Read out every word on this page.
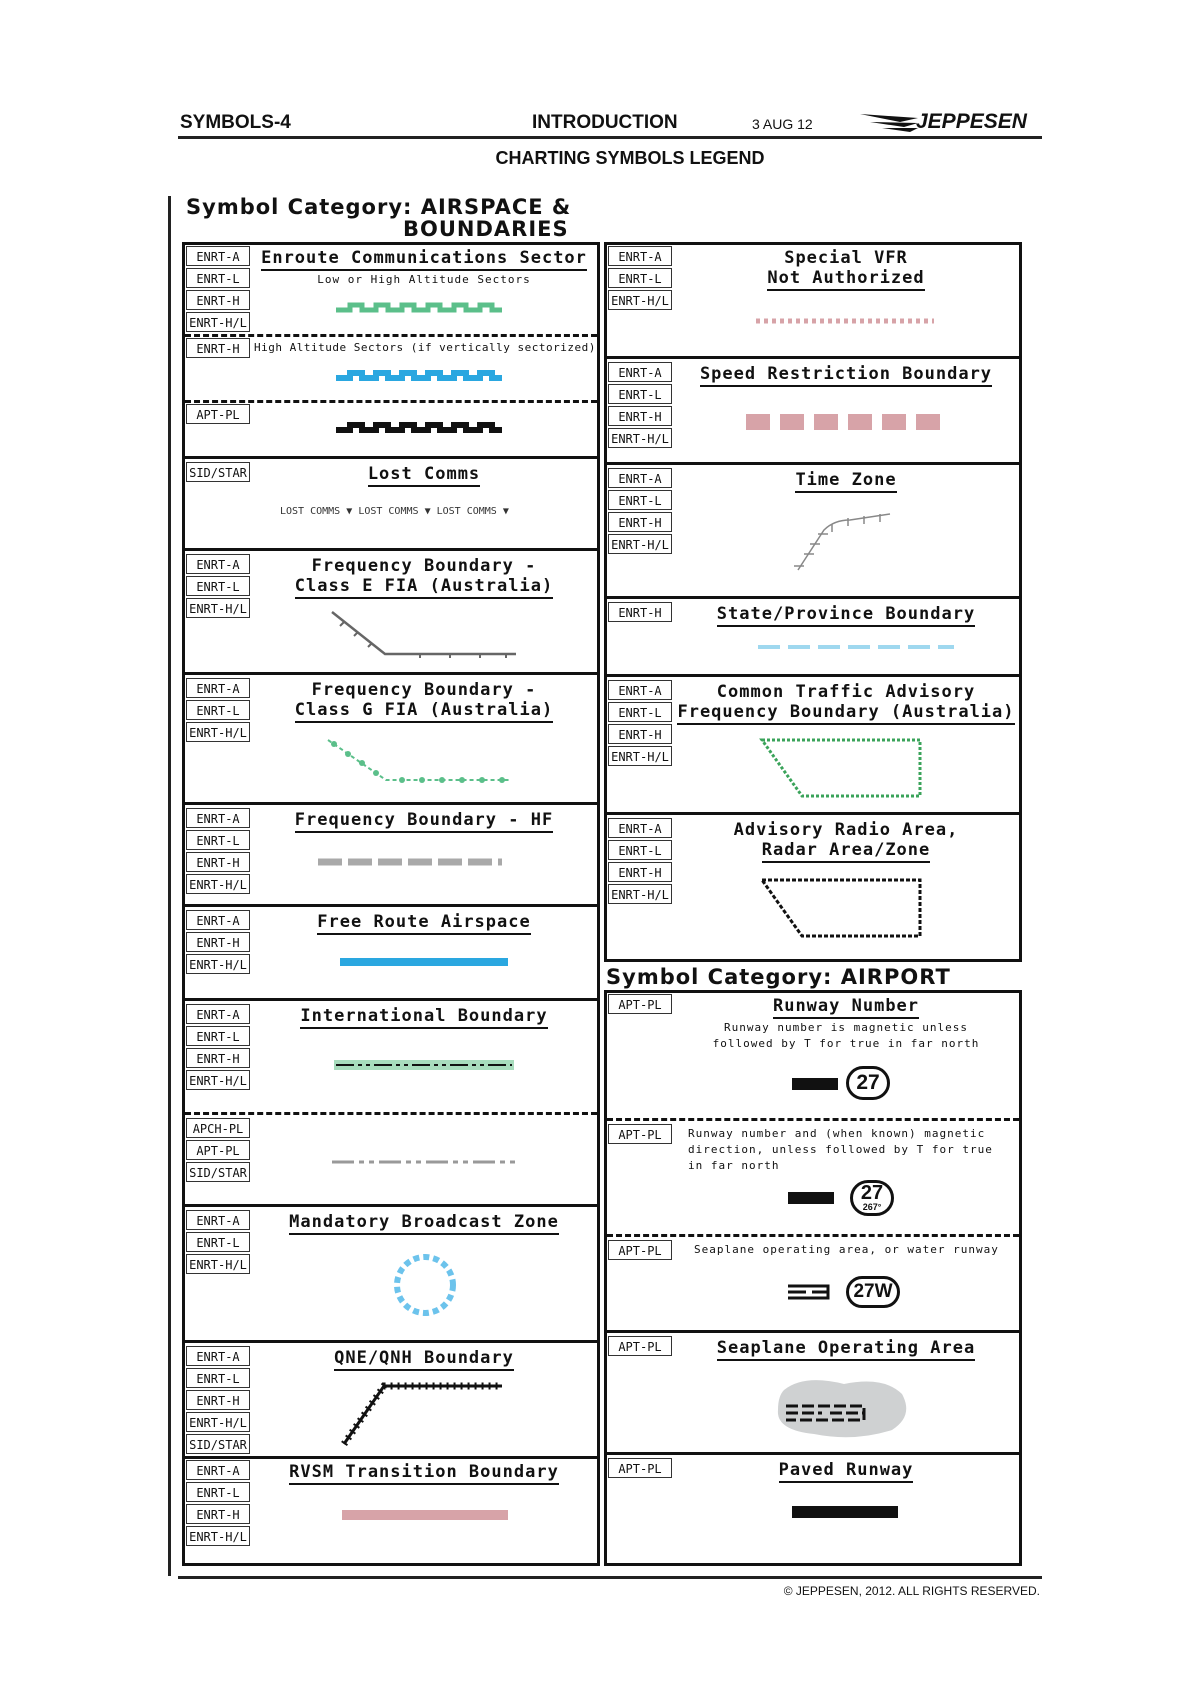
SYMBOLS-4	INTRODUCTION	3 AUG 12	JEPPESEN
CHARTING SYMBOLS LEGEND
Symbol Category: AIRSPACE &
BOUNDARIES
ENRT-A
ENRT-L
ENRT-H
ENRT-H/L
Enroute Communications Sector
Low or High Altitude Sectors
ENRT-H	High Altitude Sectors (if vertically sectorized)
APT-PL
SID/STAR	Lost Comms
LOST COMMS ▼ LOST COMMS ▼ LOST COMMS ▼
ENRT-A
ENRT-L
ENRT-H/L
Frequency Boundary -
Class E FIA (Australia)
ENRT-A
ENRT-L
ENRT-H/L
Frequency Boundary -
Class G FIA (Australia)
ENRT-A
ENRT-L
ENRT-H
ENRT-H/L
Frequency Boundary - HF
ENRT-A
ENRT-H
ENRT-H/L
Free Route Airspace
ENRT-A
ENRT-L
ENRT-H
ENRT-H/L
International Boundary
APCH-PL
APT-PL
SID/STAR
ENRT-A
ENRT-L
ENRT-H/L
Mandatory Broadcast Zone
ENRT-A
ENRT-L
ENRT-H
ENRT-H/L
SID/STAR
QNE/QNH Boundary
ENRT-A
ENRT-L
ENRT-H
ENRT-H/L
RVSM Transition Boundary
ENRT-A
ENRT-L
ENRT-H/L
Special VFR
Not Authorized
ENRT-A
ENRT-L
ENRT-H
ENRT-H/L
Speed Restriction Boundary
ENRT-A
ENRT-L
ENRT-H
ENRT-H/L
Time Zone
ENRT-H	State/Province Boundary
ENRT-A
ENRT-L
ENRT-H
ENRT-H/L
Common Traffic Advisory
Frequency Boundary (Australia)
ENRT-A
ENRT-L
ENRT-H
ENRT-H/L
Advisory Radio Area,
Radar Area/Zone
Symbol Category: AIRPORT
APT-PL	Runway Number
Runway number is magnetic unless
followed by T for true in far north
27
APT-PL	Runway number and (when known) magnetic
direction, unless followed by T for true
in far north
27
267°
APT-PL	Seaplane operating area, or water runway
27W
APT-PL	Seaplane Operating Area
APT-PL	Paved Runway
© JEPPESEN, 2012. ALL RIGHTS RESERVED.
